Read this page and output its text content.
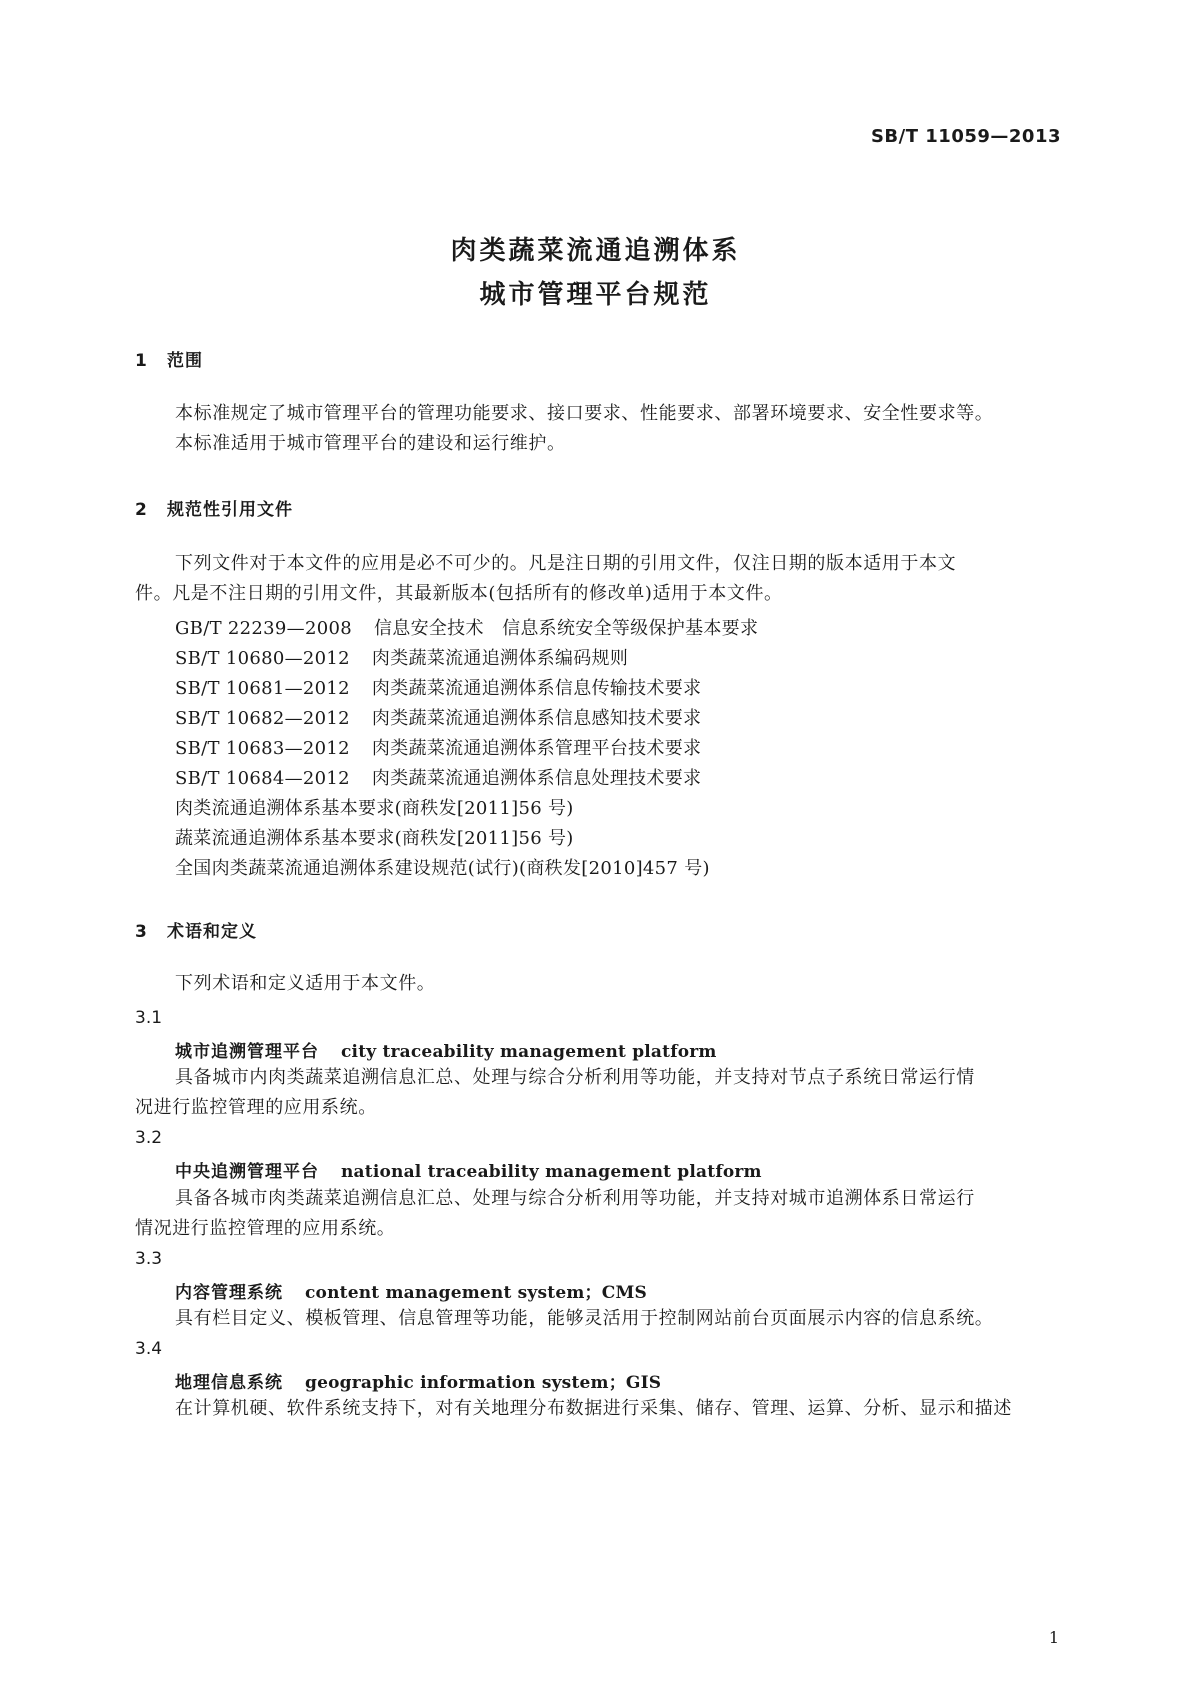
SB/T 11059—2013
肉类蔬菜流通追溯体系
城市管理平台规范
1 范围
本标准规定了城市管理平台的管理功能要求、接口要求、性能要求、部署环境要求、安全性要求等。
本标准适用于城市管理平台的建设和运行维护。
2 规范性引用文件
下列文件对于本文件的应用是必不可少的。凡是注日期的引用文件，仅注日期的版本适用于本文
件。凡是不注日期的引用文件，其最新版本(包括所有的修改单)适用于本文件。
GB/T 22239—2008 信息安全技术　信息系统安全等级保护基本要求
SB/T 10680—2012 肉类蔬菜流通追溯体系编码规则
SB/T 10681—2012 肉类蔬菜流通追溯体系信息传输技术要求
SB/T 10682—2012 肉类蔬菜流通追溯体系信息感知技术要求
SB/T 10683—2012 肉类蔬菜流通追溯体系管理平台技术要求
SB/T 10684—2012 肉类蔬菜流通追溯体系信息处理技术要求
肉类流通追溯体系基本要求(商秩发[2011]56 号)
蔬菜流通追溯体系基本要求(商秩发[2011]56 号)
全国肉类蔬菜流通追溯体系建设规范(试行)(商秩发[2010]457 号)
3 术语和定义
下列术语和定义适用于本文件。
3.1
城市追溯管理平台 city traceability management platform
具备城市内肉类蔬菜追溯信息汇总、处理与综合分析利用等功能，并支持对节点子系统日常运行情
况进行监控管理的应用系统。
3.2
中央追溯管理平台 national traceability management platform
具备各城市肉类蔬菜追溯信息汇总、处理与综合分析利用等功能，并支持对城市追溯体系日常运行
情况进行监控管理的应用系统。
3.3
内容管理系统 content management system；CMS
具有栏目定义、模板管理、信息管理等功能，能够灵活用于控制网站前台页面展示内容的信息系统。
3.4
地理信息系统 geographic information system；GIS
在计算机硬、软件系统支持下，对有关地理分布数据进行采集、储存、管理、运算、分析、显示和描述
1
